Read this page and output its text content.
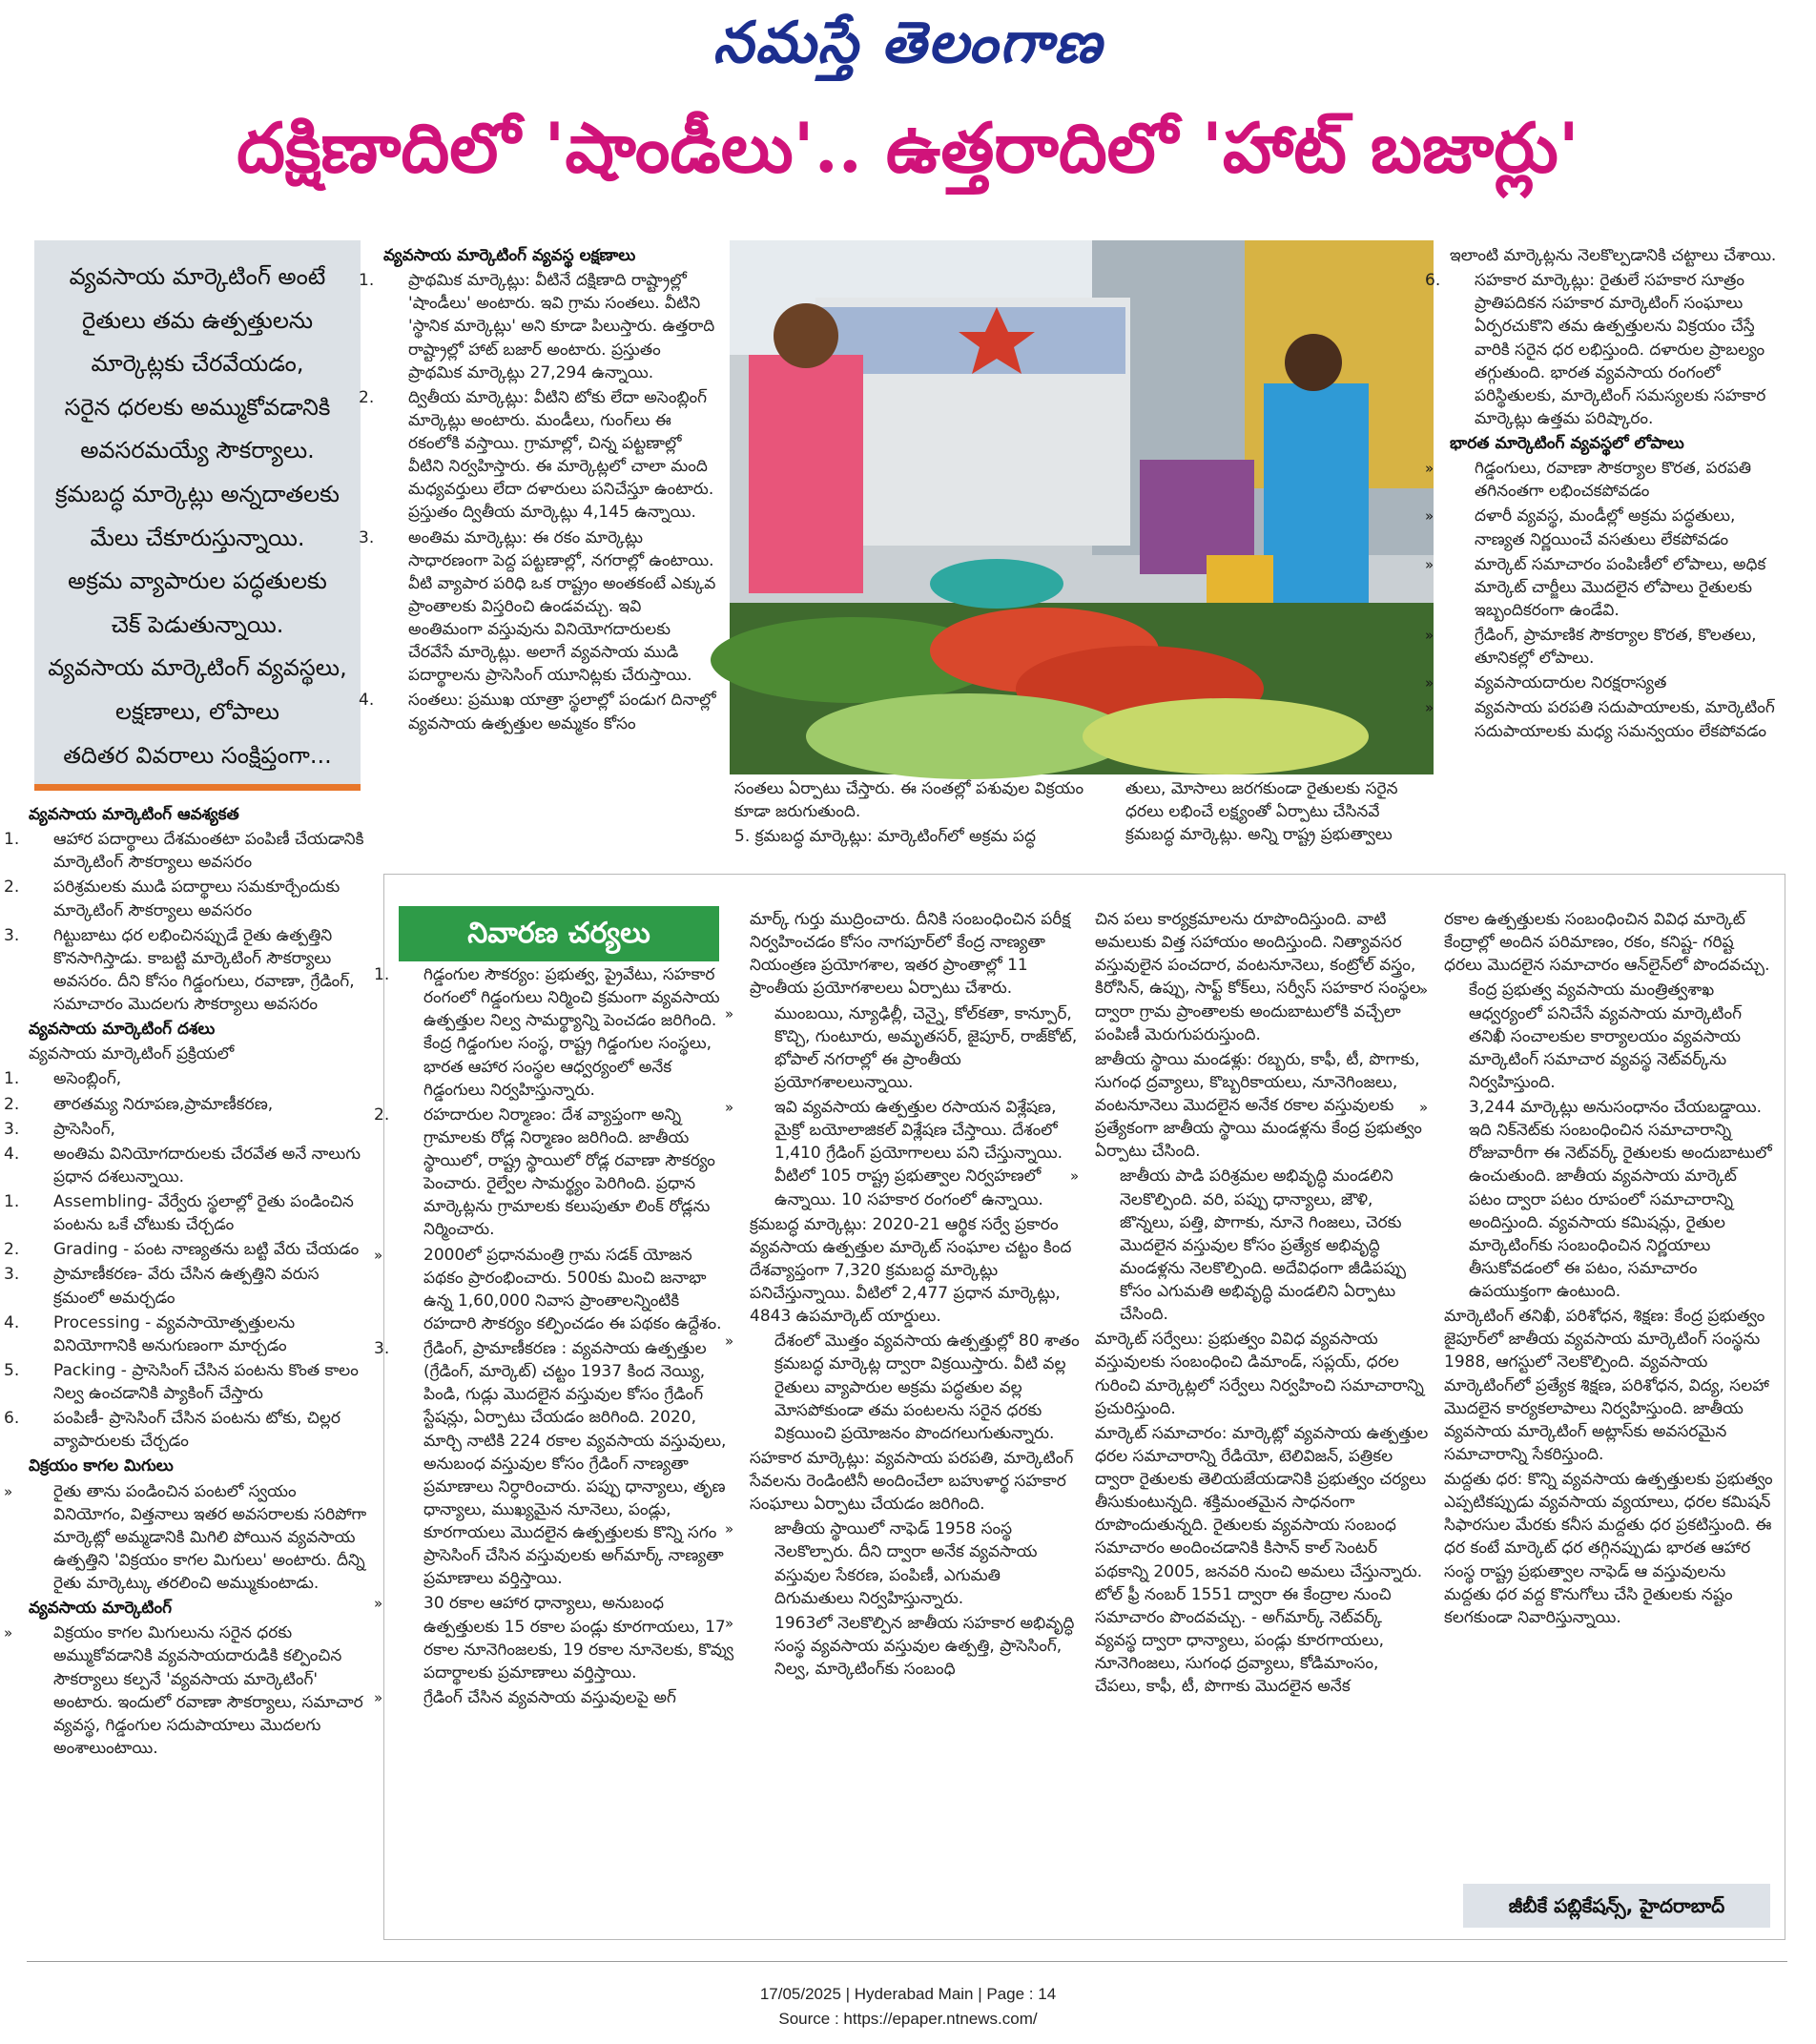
నమస్తే తెలంగాణ
దక్షిణాదిలో 'షాండీలు'.. ఉత్తరాదిలో 'హాట్ బజార్లు'
వ్యవసాయ మార్కెటింగ్ అంటే
రైతులు తమ ఉత్పత్తులను
మార్కెట్లకు చేరవేయడం,
సరైన ధరలకు అమ్ముకోవడానికి
అవసరమయ్యే సౌకర్యాలు.
క్రమబద్ధ మార్కెట్లు అన్నదాతలకు
మేలు చేకూరుస్తున్నాయి.
అక్రమ వ్యాపారుల పద్ధతులకు
చెక్ పెడుతున్నాయి.
వ్యవసాయ మార్కెటింగ్ వ్యవస్థలు,
లక్షణాలు, లోపాలు
తదితర వివరాలు సంక్షిప్తంగా...

వ్యవసాయ మార్కెటింగ్ ఆవశ్యకత

1. ఆహార పదార్థాలు దేశమంతటా పంపిణీ చేయడానికి మార్కెటింగ్ సౌకర్యాలు అవసరం

2. పరిశ్రమలకు ముడి పదార్థాలు సమకూర్చేందుకు మార్కెటింగ్ సౌకర్యాలు అవసరం

3. గిట్టుబాటు ధర లభించినప్పుడే రైతు ఉత్పత్తిని కొనసాగిస్తాడు. కాబట్టి మార్కెటింగ్ సౌకర్యాలు అవసరం. దీని కోసం గిడ్డంగులు, రవాణా, గ్రేడింగ్, సమాచారం మొదలగు సౌకర్యాలు అవసరం

వ్యవసాయ మార్కెటింగ్ దశలు

వ్యవసాయ మార్కెటింగ్ ప్రక్రియలో

1. అసెంబ్లింగ్,

2. తారతమ్య నిరూపణ,ప్రామాణీకరణ,

3. ప్రాసెసింగ్,

4. అంతిమ వినియోగదారులకు చేరవేత అనే నాలుగు ప్రధాన దశలున్నాయి.

1. Assembling- వేర్వేరు స్థలాల్లో రైతు పండించిన పంటను ఒకే చోటుకు చేర్చడం

2. Grading - పంట నాణ్యతను బట్టి వేరు చేయడం

3. ప్రామాణీకరణ- వేరు చేసిన ఉత్పత్తిని వరుస క్రమంలో అమర్చడం

4. Processing - వ్యవసాయోత్పత్తులను వినియోగానికి అనుగుణంగా మార్చడం

5. Packing - ప్రాసెసింగ్ చేసిన పంటను కొంత కాలం నిల్వ ఉంచడానికి ప్యాకింగ్ చేస్తారు

6. పంపిణీ- ప్రాసెసింగ్ చేసిన పంటను టోకు, చిల్లర వ్యాపారులకు చేర్చడం

విక్రయం కాగల మిగులు

»	రైతు తాను పండించిన పంటలో స్వయం వినియోగం, విత్తనాలు ఇతర అవసరాలకు సరిపోగా మార్కెట్లో అమ్మడానికి మిగిలి పోయిన వ్యవసాయ ఉత్పత్తిని 'విక్రయం కాగల మిగులు' అంటారు. దీన్ని రైతు మార్కెట్కు తరలించి అమ్ముకుంటాడు.

వ్యవసాయ మార్కెటింగ్

»	విక్రయం కాగల మిగులును సరైన ధరకు అమ్ముకోవడానికి వ్యవసాయదారుడికి కల్పించిన సౌకర్యాలు కల్పనే 'వ్యవసాయ మార్కెటింగ్' అంటారు. ఇందులో రవాణా సౌకర్యాలు, సమాచార వ్యవస్థ, గిడ్డంగుల సదుపాయాలు మొదలగు అంశాలుంటాయి.

వ్యవసాయ మార్కెటింగ్ వ్యవస్థ లక్షణాలు

1. ప్రాథమిక మార్కెట్లు: వీటినే దక్షిణాది రాష్ట్రాల్లో 'షాండీలు' అంటారు. ఇవి గ్రామ సంతలు. వీటిని 'స్థానిక మార్కెట్లు' అని కూడా పిలుస్తారు. ఉత్తరాది రాష్ట్రాల్లో హాట్ బజార్ అంటారు. ప్రస్తుతం ప్రాథమిక మార్కెట్లు 27,294 ఉన్నాయి.

2. ద్వితీయ మార్కెట్లు: వీటిని టోకు లేదా అసెంబ్లింగ్ మార్కెట్లు అంటారు. మండీలు, గుంగ్‌లు ఈ రకంలోకి వస్తాయి. గ్రామాల్లో, చిన్న పట్టణాల్లో వీటిని నిర్వహిస్తారు. ఈ మార్కెట్లలో చాలా మంది మధ్యవర్తులు లేదా దళారులు పనిచేస్తూ ఉంటారు. ప్రస్తుతం ద్వితీయ మార్కెట్లు 4,145 ఉన్నాయి.

3. అంతిమ మార్కెట్లు: ఈ రకం మార్కెట్లు సాధారణంగా పెద్ద పట్టణాల్లో, నగరాల్లో ఉంటాయి. వీటి వ్యాపార పరిధి ఒక రాష్ట్రం అంతకంటే ఎక్కువ ప్రాంతాలకు విస్తరించి ఉండవచ్చు. ఇవి అంతిమంగా వస్తువును వినియోగదారులకు చేరవేసే మార్కెట్లు. అలాగే వ్యవసాయ ముడి పదార్థాలను ప్రాసెసింగ్ యూనిట్లకు చేరుస్తాయి.

4. సంతలు: ప్రముఖ యాత్రా స్థలాల్లో పండుగ దినాల్లో వ్యవసాయ ఉత్పత్తుల అమ్మకం కోసం

సంతలు ఏర్పాటు చేస్తారు. ఈ సంతల్లో పశువుల విక్రయం కూడా జరుగుతుంది.

5. క్రమబద్ధ మార్కెట్లు: మార్కెటింగ్‌లో అక్రమ పద్ధ

తులు, మోసాలు జరగకుండా రైతులకు సరైన ధరలు లభించే లక్ష్యంతో ఏర్పాటు చేసినవే క్రమబద్ధ మార్కెట్లు. అన్ని రాష్ట్ర ప్రభుత్వాలు

ఇలాంటి మార్కెట్లను నెలకొల్పడానికి చట్టాలు చేశాయి.

6. సహకార మార్కెట్లు: రైతులే సహకార సూత్రం ప్రాతిపదికన సహకార మార్కెటింగ్ సంఘాలు ఏర్పరచుకొని తమ ఉత్పత్తులను విక్రయం చేస్తే వారికి సరైన ధర లభిస్తుంది. దళారుల ప్రాబల్యం తగ్గుతుంది. భారత వ్యవసాయ రంగంలో పరిస్థితులకు, మార్కెటింగ్ సమస్యలకు సహకార మార్కెట్లు ఉత్తమ పరిష్కారం.

భారత మార్కెటింగ్ వ్యవస్థలో లోపాలు

»	గిడ్డంగులు, రవాణా సౌకర్యాల కొరత, పరపతి తగినంతగా లభించకపోవడం

»	దళారీ వ్యవస్థ, మండీల్లో అక్రమ పద్ధతులు, నాణ్యత నిర్ణయించే వసతులు లేకపోవడం

»	మార్కెట్ సమాచారం పంపిణీలో లోపాలు, అధిక మార్కెట్ చార్జీలు మొదలైన లోపాలు రైతులకు ఇబ్బందికరంగా ఉండేవి.

»	గ్రేడింగ్, ప్రామాణిక సౌకర్యాల కొరత, కొలతలు, తూనికల్లో లోపాలు.

»	వ్యవసాయదారుల నిరక్షరాస్యత

»	వ్యవసాయ పరపతి సదుపాయాలకు, మార్కెటింగ్ సదుపాయాలకు మధ్య సమన్వయం లేకపోవడం

నివారణ చర్యలు

1. గిడ్డంగుల సౌకర్యం: ప్రభుత్వ, ప్రైవేటు, సహకార రంగంలో గిడ్డంగులు నిర్మించి క్రమంగా వ్యవసాయ ఉత్పత్తుల నిల్వ సామర్థ్యాన్ని పెంచడం జరిగింది. కేంద్ర గిడ్డంగుల సంస్థ, రాష్ట్ర గిడ్డంగుల సంస్థలు, భారత ఆహార సంస్థల ఆధ్వర్యంలో అనేక గిడ్డంగులు నిర్వహిస్తున్నారు.

2. రహదారుల నిర్మాణం: దేశ వ్యాప్తంగా అన్ని గ్రామాలకు రోడ్ల నిర్మాణం జరిగింది. జాతీయ స్థాయిలో, రాష్ట్ర స్థాయిలో రోడ్ల రవాణా సౌకర్యం పెంచారు. రైల్వేల సామర్థ్యం పెరిగింది. ప్రధాన మార్కెట్లను గ్రామాలకు కలుపుతూ లింక్ రోడ్లను నిర్మించారు.

»	2000లో ప్రధానమంత్రి గ్రామ సడక్ యోజన పథకం ప్రారంభించారు. 500కు మించి జనాభా ఉన్న 1,60,000 నివాస ప్రాంతాలన్నింటికి రహదారి సౌకర్యం కల్పించడం ఈ పథకం ఉద్దేశం.

3. గ్రేడింగ్, ప్రామాణీకరణ : వ్యవసాయ ఉత్పత్తుల (గ్రేడింగ్, మార్కెట్) చట్టం 1937 కింద నెయ్యి, పిండి, గుడ్లు మొదలైన వస్తువుల కోసం గ్రేడింగ్ స్టేషన్లు, ఏర్పాటు చేయడం జరిగింది. 2020, మార్చి నాటికి 224 రకాల వ్యవసాయ వస్తువులు, అనుబంధ వస్తువుల కోసం గ్రేడింగ్ నాణ్యతా ప్రమాణాలు నిర్ధారించారు. పప్పు ధాన్యాలు, తృణ ధాన్యాలు, ముఖ్యమైన నూనెలు, పండ్లు, కూరగాయలు మొదలైన ఉత్పత్తులకు కొన్ని సగం ప్రాసెసింగ్ చేసిన వస్తువులకు అగ్‌మార్క్ నాణ్యతా ప్రమాణాలు వర్తిస్తాయి.

»	30 రకాల ఆహార ధాన్యాలు, అనుబంధ ఉత్పత్తులకు 15 రకాల పండ్లు కూరగాయలు, 17 రకాల నూనెగింజలకు, 19 రకాల నూనెలకు, కొవ్వు పదార్థాలకు ప్రమాణాలు వర్తిస్తాయి.

»	గ్రేడింగ్ చేసిన వ్యవసాయ వస్తువులపై అగ్

మార్క్ గుర్తు ముద్రించారు. దీనికి సంబంధించిన పరీక్ష నిర్వహించడం కోసం నాగపూర్‌లో కేంద్ర నాణ్యతా నియంత్రణ ప్రయోగశాల, ఇతర ప్రాంతాల్లో 11 ప్రాంతీయ ప్రయోగశాలలు ఏర్పాటు చేశారు.

»	ముంబయి, న్యూఢిల్లీ, చెన్నై, కోల్‌కతా, కాన్పూర్, కొచ్చి, గుంటూరు, అమృతసర్, జైపూర్, రాజ్‌కోట్, భోపాల్ నగరాల్లో ఈ ప్రాంతీయ ప్రయోగశాలలున్నాయి.

»	ఇవి వ్యవసాయ ఉత్పత్తుల రసాయన విశ్లేషణ, మైక్రో బయోలాజికల్ విశ్లేషణ చేస్తాయి. దేశంలో 1,410 గ్రేడింగ్ ప్రయోగాలలు పని చేస్తున్నాయి. వీటిలో 105 రాష్ట్ర ప్రభుత్వాల నిర్వహణలో ఉన్నాయి. 10 సహకార రంగంలో ఉన్నాయి.

క్రమబద్ధ మార్కెట్లు: 2020-21 ఆర్థిక సర్వే ప్రకారం వ్యవసాయ ఉత్పత్తుల మార్కెట్ సంఘాల చట్టం కింద దేశవ్యాప్తంగా 7,320 క్రమబద్ధ మార్కెట్లు పనిచేస్తున్నాయి. వీటిలో 2,477 ప్రధాన మార్కెట్లు, 4843 ఉపమార్కెట్ యార్డులు.

»	దేశంలో మొత్తం వ్యవసాయ ఉత్పత్తుల్లో 80 శాతం క్రమబద్ధ మార్కెట్ల ద్వారా విక్రయిస్తారు. వీటి వల్ల రైతులు వ్యాపారుల అక్రమ పద్ధతుల వల్ల మోసపోకుండా తమ పంటలను సరైన ధరకు విక్రయించి ప్రయోజనం పొందగలుగుతున్నారు.

సహకార మార్కెట్లు: వ్యవసాయ పరపతి, మార్కెటింగ్ సేవలను రెండింటినీ అందించేలా బహుళార్థ సహకార సంఘాలు ఏర్పాటు చేయడం జరిగింది.

»	జాతీయ స్థాయిలో నాఫెడ్ 1958 సంస్థ నెలకొల్పారు. దీని ద్వారా అనేక వ్యవసాయ వస్తువుల సేకరణ, పంపిణీ, ఎగుమతి దిగుమతులు నిర్వహిస్తున్నారు.

»	1963లో నెలకొల్పిన జాతీయ సహకార అభివృద్ధి సంస్థ వ్యవసాయ వస్తువుల ఉత్పత్తి, ప్రాసెసింగ్, నిల్వ, మార్కెటింగ్‌కు సంబంధి

చిన పలు కార్యక్రమాలను రూపొందిస్తుంది. వాటి అమలుకు విత్త సహాయం అందిస్తుంది. నిత్యావసర వస్తువులైన పంచదార, వంటనూనెలు, కంట్రోల్ వస్త్రం, కిరోసిన్, ఉప్పు, సాఫ్ట్ కోక్‌లు, సర్వీస్ సహకార సంస్థల ద్వారా గ్రామ ప్రాంతాలకు అందుబాటులోకి వచ్చేలా పంపిణీ మెరుగుపరుస్తుంది.

జాతీయ స్థాయి మండళ్లు: రబ్బరు, కాఫీ, టీ, పొగాకు, సుగంధ ద్రవ్యాలు, కొబ్బరికాయలు, నూనెగింజలు, వంటనూనెలు మొదలైన అనేక రకాల వస్తువులకు ప్రత్యేకంగా జాతీయ స్థాయి మండళ్లను కేంద్ర ప్రభుత్వం ఏర్పాటు చేసింది.

»	జాతీయ పాడి పరిశ్రమల అభివృద్ధి మండలిని నెలకొల్పింది. వరి, పప్పు ధాన్యాలు, జౌళి, జొన్నలు, పత్తి, పొగాకు, నూనె గింజలు, చెరకు మొదలైన వస్తువుల కోసం ప్రత్యేక అభివృద్ధి మండళ్లను నెలకొల్పింది. అదేవిధంగా జీడిపప్పు కోసం ఎగుమతి అభివృద్ధి మండలిని ఏర్పాటు చేసింది.

మార్కెట్ సర్వేలు: ప్రభుత్వం వివిధ వ్యవసాయ వస్తువులకు సంబంధించి డిమాండ్, సప్లయ్, ధరల గురించి మార్కెట్లలో సర్వేలు నిర్వహించి సమాచారాన్ని ప్రచురిస్తుంది.

మార్కెట్ సమాచారం: మార్కెట్లో వ్యవసాయ ఉత్పత్తుల ధరల సమాచారాన్ని రేడియో, టెలివిజన్, పత్రికల ద్వారా రైతులకు తెలియజేయడానికి ప్రభుత్వం చర్యలు తీసుకుంటున్నది. శక్తిమంతమైన సాధనంగా రూపొందుతున్నది. రైతులకు వ్యవసాయ సంబంధ సమాచారం అందించడానికి కిసాన్ కాల్ సెంటర్ పథకాన్ని 2005, జనవరి నుంచి అమలు చేస్తున్నారు. టోల్ ఫ్రీ నంబర్ 1551 ద్వారా ఈ కేంద్రాల నుంచి సమాచారం పొందవచ్చు. - అగ్‌మార్క్ నెట్‌వర్క్ వ్యవస్థ ద్వారా ధాన్యాలు, పండ్లు కూరగాయలు, నూనెగింజలు, సుగంధ ద్రవ్యాలు, కోడిమాంసం, చేపలు, కాఫీ, టీ, పొగాకు మొదలైన అనేక

రకాల ఉత్పత్తులకు సంబంధించిన వివిధ మార్కెట్ కేంద్రాల్లో అందిన పరిమాణం, రకం, కనిష్ట- గరిష్ట ధరలు మొదలైన సమాచారం ఆన్‌లైన్‌లో పొందవచ్చు.

»	కేంద్ర ప్రభుత్వ వ్యవసాయ మంత్రిత్వశాఖ ఆధ్వర్యంలో పనిచేసే వ్యవసాయ మార్కెటింగ్ తనిఖీ సంచాలకుల కార్యాలయం వ్యవసాయ మార్కెటింగ్ సమాచార వ్యవస్థ నెట్‌వర్క్‌ను నిర్వహిస్తుంది.

»	3,244 మార్కెట్లు అనుసంధానం చేయబడ్డాయి. ఇది నిక్‌నెట్‌కు సంబంధించిన సమాచారాన్ని రోజువారీగా ఈ నెట్‌వర్క్ రైతులకు అందుబాటులో ఉంచుతుంది. జాతీయ వ్యవసాయ మార్కెట్ పటం ద్వారా పటం రూపంలో సమాచారాన్ని అందిస్తుంది. వ్యవసాయ కమిషన్లు, రైతుల మార్కెటింగ్‌కు సంబంధించిన నిర్ణయాలు తీసుకోవడంలో ఈ పటం, సమాచారం ఉపయుక్తంగా ఉంటుంది.

మార్కెటింగ్ తనిఖీ, పరిశోధన, శిక్షణ: కేంద్ర ప్రభుత్వం జైపూర్‌లో జాతీయ వ్యవసాయ మార్కెటింగ్ సంస్థను 1988, ఆగస్టులో నెలకొల్పింది. వ్యవసాయ మార్కెటింగ్‌లో ప్రత్యేక శిక్షణ, పరిశోధన, విద్య, సలహా మొదలైన కార్యకలాపాలు నిర్వహిస్తుంది. జాతీయ వ్యవసాయ మార్కెటింగ్ అట్లాస్‌కు అవసరమైన సమాచారాన్ని సేకరిస్తుంది.

మద్దతు ధర: కొన్ని వ్యవసాయ ఉత్పత్తులకు ప్రభుత్వం ఎప్పటికప్పుడు వ్యవసాయ వ్యయాలు, ధరల కమిషన్ సిఫారసుల మేరకు కనీస మద్దతు ధర ప్రకటిస్తుంది. ఈ ధర కంటే మార్కెట్ ధర తగ్గినప్పుడు భారత ఆహార సంస్థ రాష్ట్ర ప్రభుత్వాల నాఫెడ్ ఆ వస్తువులను మద్దతు ధర వద్ద కొనుగోలు చేసి రైతులకు నష్టం కలగకుండా నివారిస్తున్నాయి.

జీబీకే పబ్లికేషన్స్, హైదరాబాద్
17/05/2025 | Hyderabad Main | Page : 14
Source : https://epaper.ntnews.com/
